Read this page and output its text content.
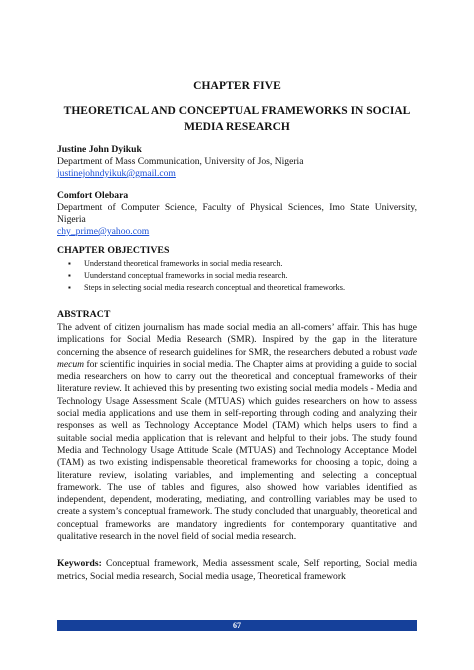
CHAPTER FIVE
THEORETICAL AND CONCEPTUAL FRAMEWORKS IN SOCIAL MEDIA RESEARCH
Justine John Dyikuk
Department of Mass Communication, University of Jos, Nigeria
justinejohndyikuk@gmail.com
Comfort Olebara
Department of Computer Science, Faculty of Physical Sciences, Imo State University,
Nigeria
chy_prime@yahoo.com
CHAPTER OBJECTIVES
▪ Understand theoretical frameworks in social media research.
▪ Uunderstand conceptual frameworks in social media research.
▪ Steps in selecting social media research conceptual and theoretical frameworks.
ABSTRACT

The advent of citizen journalism has made social media an all-comers’ affair. This has huge implications for Social Media Research (SMR). Inspired by the gap in the literature concerning the absence of research guidelines for SMR, the researchers debuted a robust vade mecum for scientific inquiries in social media. The Chapter aims at providing a guide to social media researchers on how to carry out the theoretical and conceptual frameworks of their literature review. It achieved this by presenting two existing social media models - Media and Technology Usage Assessment Scale (MTUAS) which guides researchers on how to assess social media applications and use them in self-reporting through coding and analyzing their responses as well as Technology Acceptance Model (TAM) which helps users to find a suitable social media application that is relevant and helpful to their jobs. The study found Media and Technology Usage Attitude Scale (MTUAS) and Technology Acceptance Model (TAM) as two existing indispensable theoretical frameworks for choosing a topic, doing a literature review, isolating variables, and implementing and selecting a conceptual framework. The use of tables and figures, also showed how variables identified as independent, dependent, moderating, mediating, and controlling variables may be used to create a system’s conceptual framework. The study concluded that unarguably, theoretical and conceptual frameworks are mandatory ingredients for contemporary quantitative and qualitative research in the novel field of social media research.

Keywords: Conceptual framework, Media assessment scale, Self reporting, Social media metrics, Social media research, Social media usage, Theoretical framework
67
